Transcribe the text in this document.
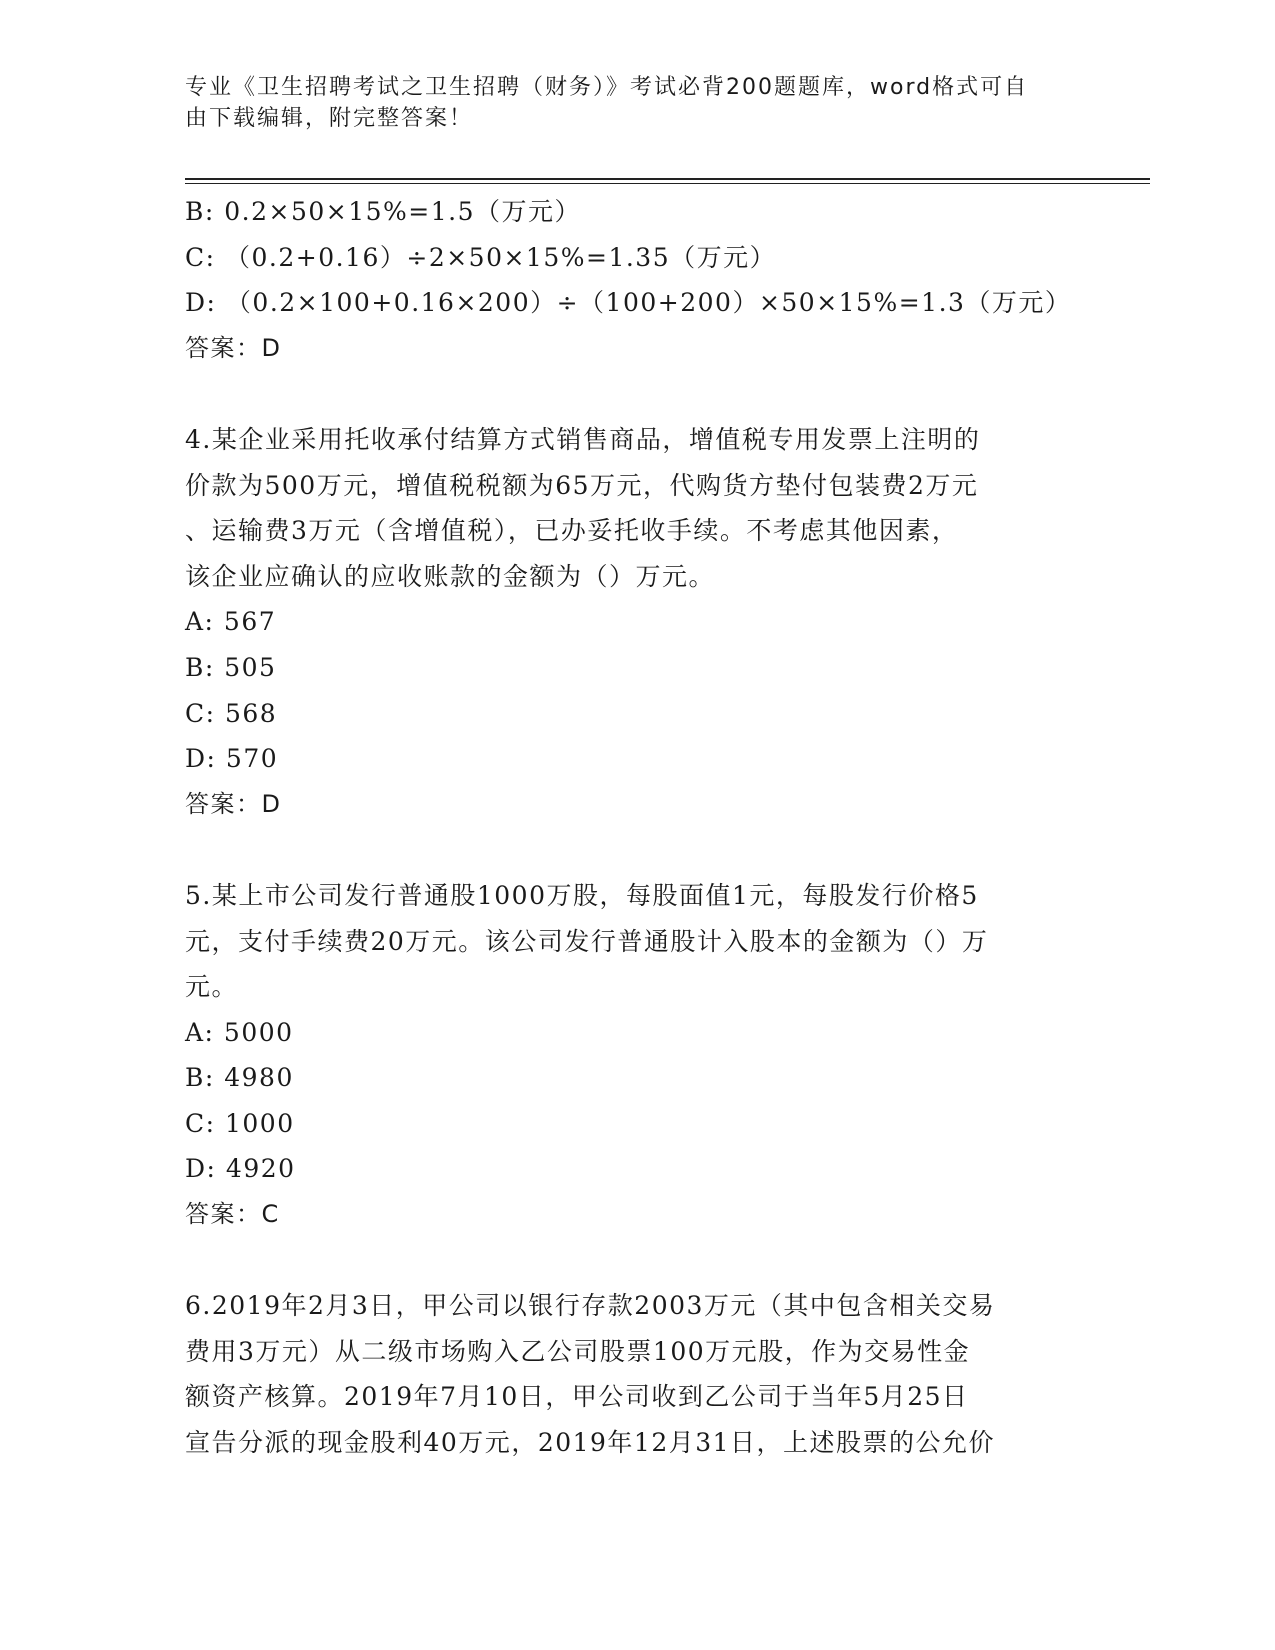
专业《卫生招聘考试之卫生招聘（财务）》考试必背200题题库，word格式可自
由下载编辑，附完整答案！
B: 0.2×50×15%=1.5（万元）
C: （0.2+0.16）÷2×50×15%=1.35（万元）
D: （0.2×100+0.16×200）÷（100+200）×50×15%=1.3（万元）
答案：D
4.某企业采用托收承付结算方式销售商品，增值税专用发票上注明的
价款为500万元，增值税税额为65万元，代购货方垫付包装费2万元
、运输费3万元（含增值税），已办妥托收手续。不考虑其他因素，
该企业应确认的应收账款的金额为（）万元。
A: 567
B: 505
C: 568
D: 570
答案：D
5.某上市公司发行普通股1000万股，每股面值1元，每股发行价格5
元，支付手续费20万元。该公司发行普通股计入股本的金额为（）万
元。
A: 5000
B: 4980
C: 1000
D: 4920
答案：C
6.2019年2月3日，甲公司以银行存款2003万元（其中包含相关交易
费用3万元）从二级市场购入乙公司股票100万元股，作为交易性金
额资产核算。2019年7月10日，甲公司收到乙公司于当年5月25日
宣告分派的现金股利40万元，2019年12月31日，上述股票的公允价
